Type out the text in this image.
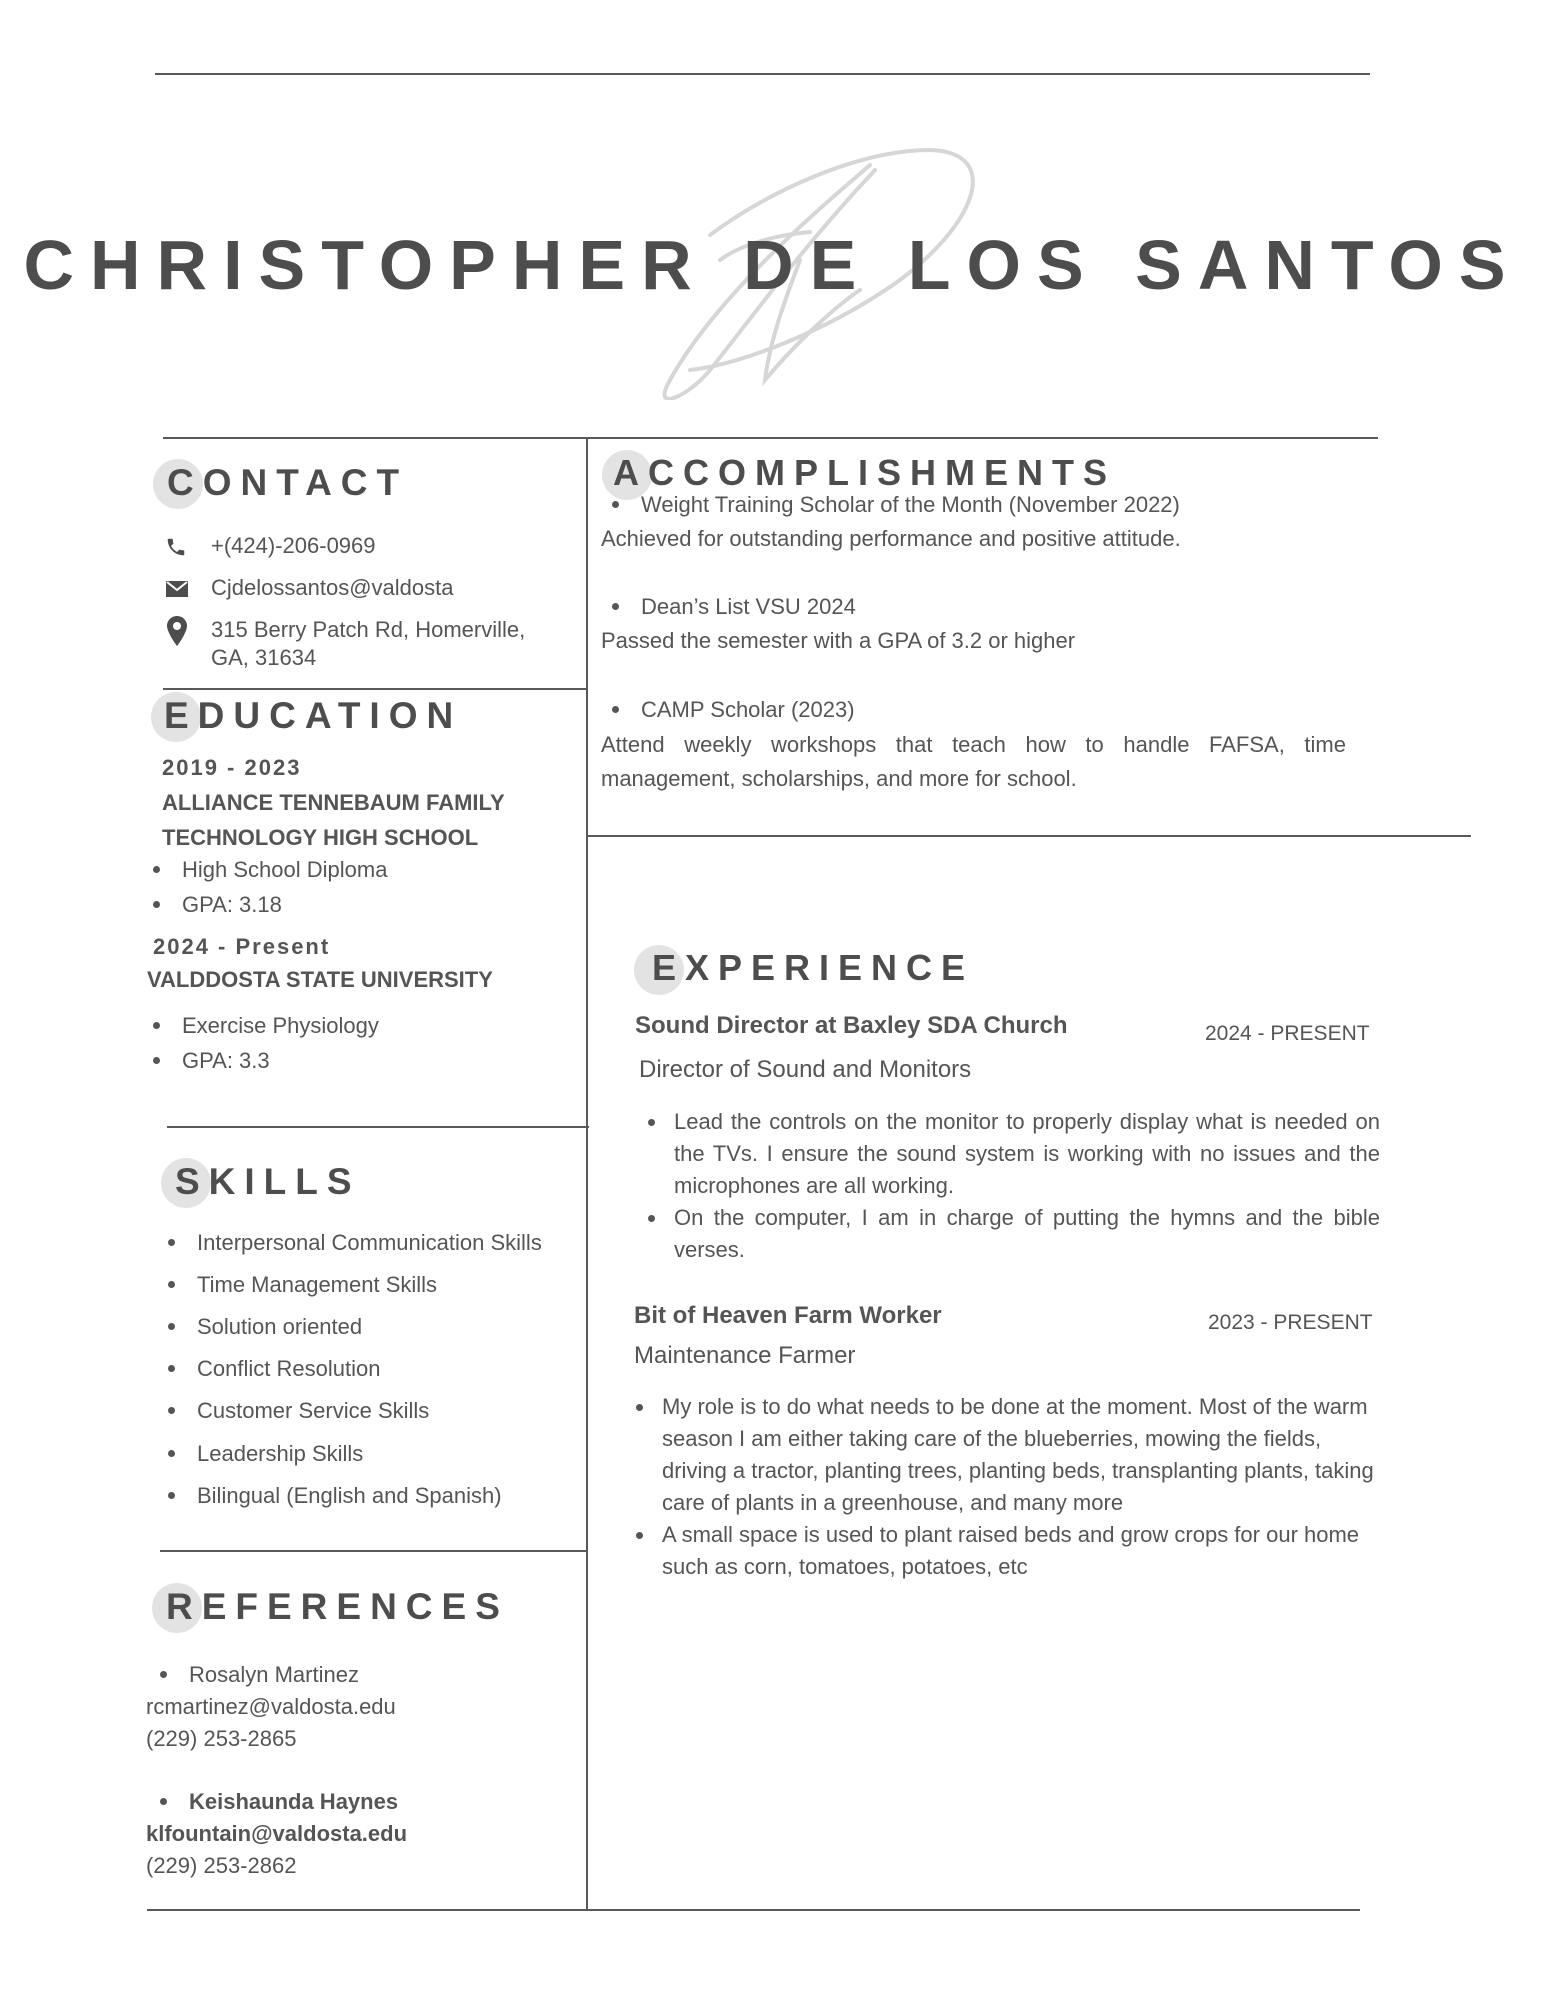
CHRISTOPHER DE LOS SANTOS
CONTACT
+(424)-206-0969
Cjdelossantos@valdosta
315 Berry Patch Rd, Homerville,
GA, 31634
EDUCATION
2019 - 2023
ALLIANCE TENNEBAUM FAMILY
TECHNOLOGY HIGH SCHOOL
High School Diploma
GPA: 3.18
2024 - Present
VALDDOSTA STATE UNIVERSITY
Exercise Physiology
GPA: 3.3
SKILLS
Interpersonal Communication Skills
Time Management Skills
Solution oriented
Conflict Resolution
Customer Service Skills
Leadership Skills
Bilingual (English and Spanish)
REFERENCES
Rosalyn Martinez
rcmartinez@valdosta.edu
(229) 253-2865
Keishaunda Haynes
klfountain@valdosta.edu
(229) 253-2862
ACCOMPLISHMENTS
Weight Training Scholar of the Month (November 2022)
Achieved for outstanding performance and positive attitude.
Dean’s List VSU 2024
Passed the semester with a GPA of 3.2 or higher
CAMP Scholar (2023)
Attend weekly workshops that teach how to handle FAFSA, time management, scholarships, and more for school.
EXPERIENCE
Sound Director at Baxley SDA Church	2024 - PRESENT
Director of Sound and Monitors
Lead the controls on the monitor to properly display what is needed on the TVs. I ensure the sound system is working with no issues and the microphones are all working.
On the computer, I am in charge of putting the hymns and the bible verses.
Bit of Heaven Farm Worker	2023 - PRESENT
Maintenance Farmer
My role is to do what needs to be done at the moment. Most of the warm season I am either taking care of the blueberries, mowing the fields, driving a tractor, planting trees, planting beds, transplanting plants, taking care of plants in a greenhouse, and many more
A small space is used to plant raised beds and grow crops for our home such as corn, tomatoes, potatoes, etc
